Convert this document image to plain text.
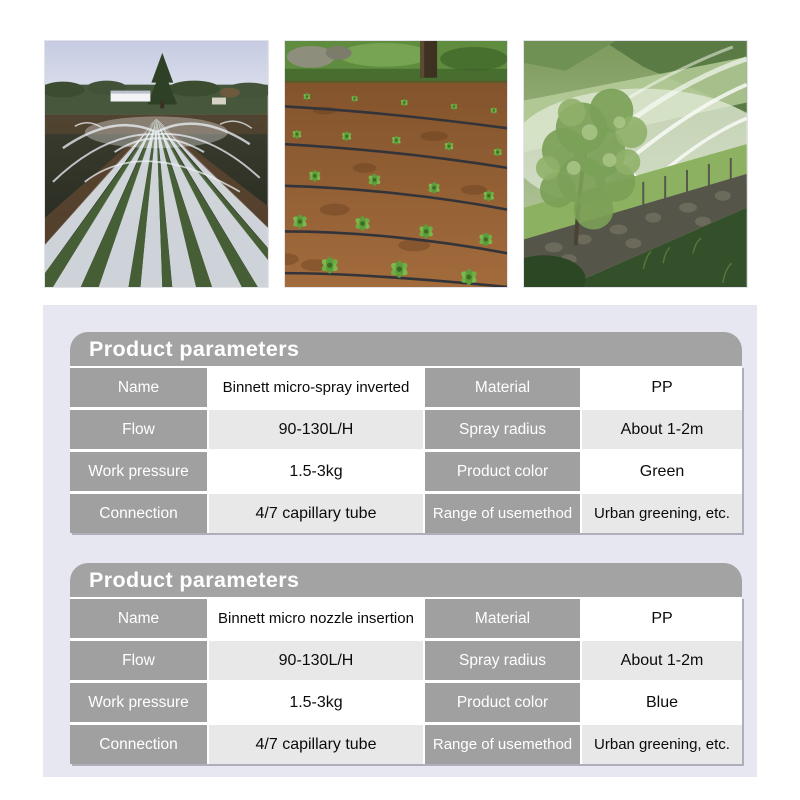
Product parameters
Name	Binnett micro-spray inverted	Material	PP
Flow	90-130L/H	Spray radius	About 1-2m
Work pressure	1.5-3kg	Product color	Green
Connection	4/7 capillary tube	Range of usemethod	Urban greening, etc.
Product parameters
Name	Binnett micro nozzle insertion	Material	PP
Flow	90-130L/H	Spray radius	About 1-2m
Work pressure	1.5-3kg	Product color	Blue
Connection	4/7 capillary tube	Range of usemethod	Urban greening, etc.
